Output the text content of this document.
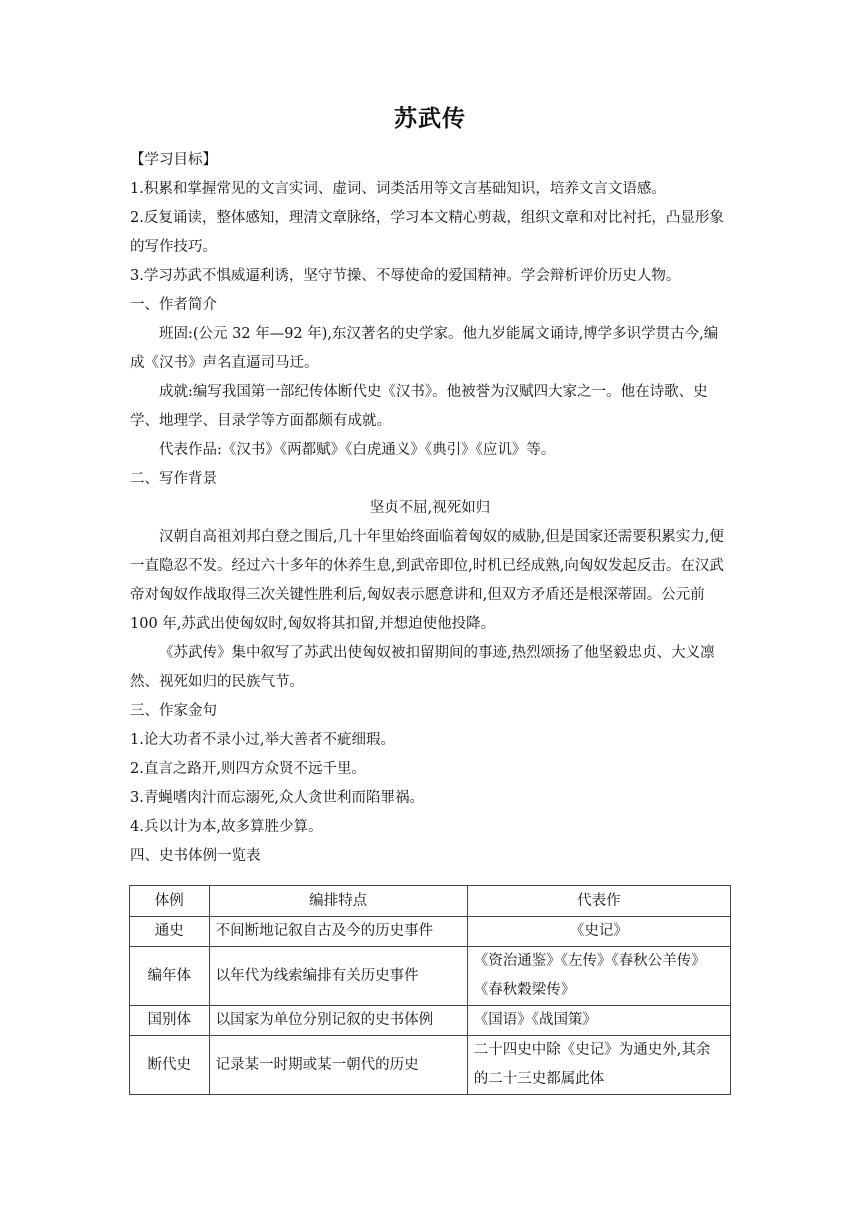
苏武传

【学习目标】

1.积累和掌握常见的文言实词、虚词、词类活用等文言基础知识，培养文言文语感。

2.反复诵读，整体感知，理清文章脉络，学习本文精心剪裁，组织文章和对比衬托，凸显形象的写作技巧。

3.学习苏武不惧威逼利诱，坚守节操、不辱使命的爱国精神。学会辩析评价历史人物。

一、作者简介

班固:(公元 32 年—92 年),东汉著名的史学家。他九岁能属文诵诗,博学多识学贯古今,编成《汉书》声名直逼司马迁。

成就:编写我国第一部纪传体断代史《汉书》。他被誉为汉赋四大家之一。他在诗歌、史学、地理学、目录学等方面都颇有成就。

代表作品:《汉书》《两都赋》《白虎通义》《典引》《应讥》等。

二、写作背景

坚贞不屈,视死如归

汉朝自高祖刘邦白登之围后,几十年里始终面临着匈奴的威胁,但是国家还需要积累实力,便一直隐忍不发。经过六十多年的休养生息,到武帝即位,时机已经成熟,向匈奴发起反击。在汉武帝对匈奴作战取得三次关键性胜利后,匈奴表示愿意讲和,但双方矛盾还是根深蒂固。公元前 100 年,苏武出使匈奴时,匈奴将其扣留,并想迫使他投降。

《苏武传》集中叙写了苏武出使匈奴被扣留期间的事迹,热烈颂扬了他坚毅忠贞、大义凛然、视死如归的民族气节。

三、作家金句

1.论大功者不录小过,举大善者不疵细瑕。

2.直言之路开,则四方众贤不远千里。

3.青蝇嗜肉汁而忘溺死,众人贪世利而陷罪祸。

4.兵以计为本,故多算胜少算。

四、史书体例一览表

体例	编排特点	代表作
通史	不间断地记叙自古及今的历史事件	《史记》
编年体	以年代为线索编排有关历史事件	《资治通鉴》《左传》《春秋公羊传》《春秋穀梁传》
国别体	以国家为单位分别记叙的史书体例	《国语》《战国策》
断代史	记录某一时期或某一朝代的历史	二十四史中除《史记》为通史外,其余的二十三史都属此体
